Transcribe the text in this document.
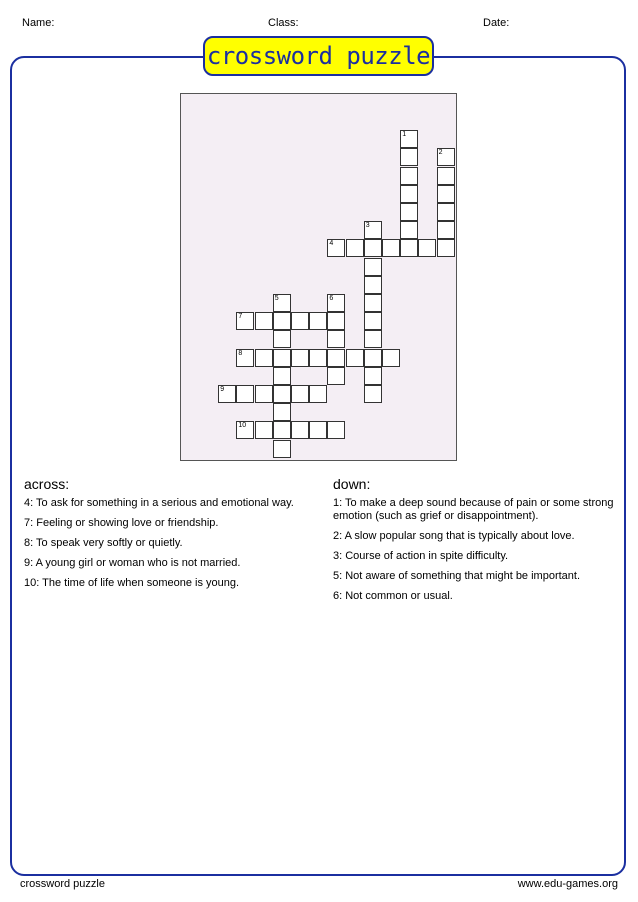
Name:	Class:	Date:
crossword puzzle
1
2
3
4
5	6
7
8
9
10
across:
4: To ask for something in a serious and emotional way.
7: Feeling or showing love or friendship.
8: To speak very softly or quietly.
9: A young girl or woman who is not married.
10: The time of life when someone is young.
down:
1: To make a deep sound because of pain or some strong emotion (such as grief or disappointment).
2: A slow popular song that is typically about love.
3: Course of action in spite difficulty.
5: Not aware of something that might be important.
6: Not common or usual.
crossword puzzle	www.edu-games.org
